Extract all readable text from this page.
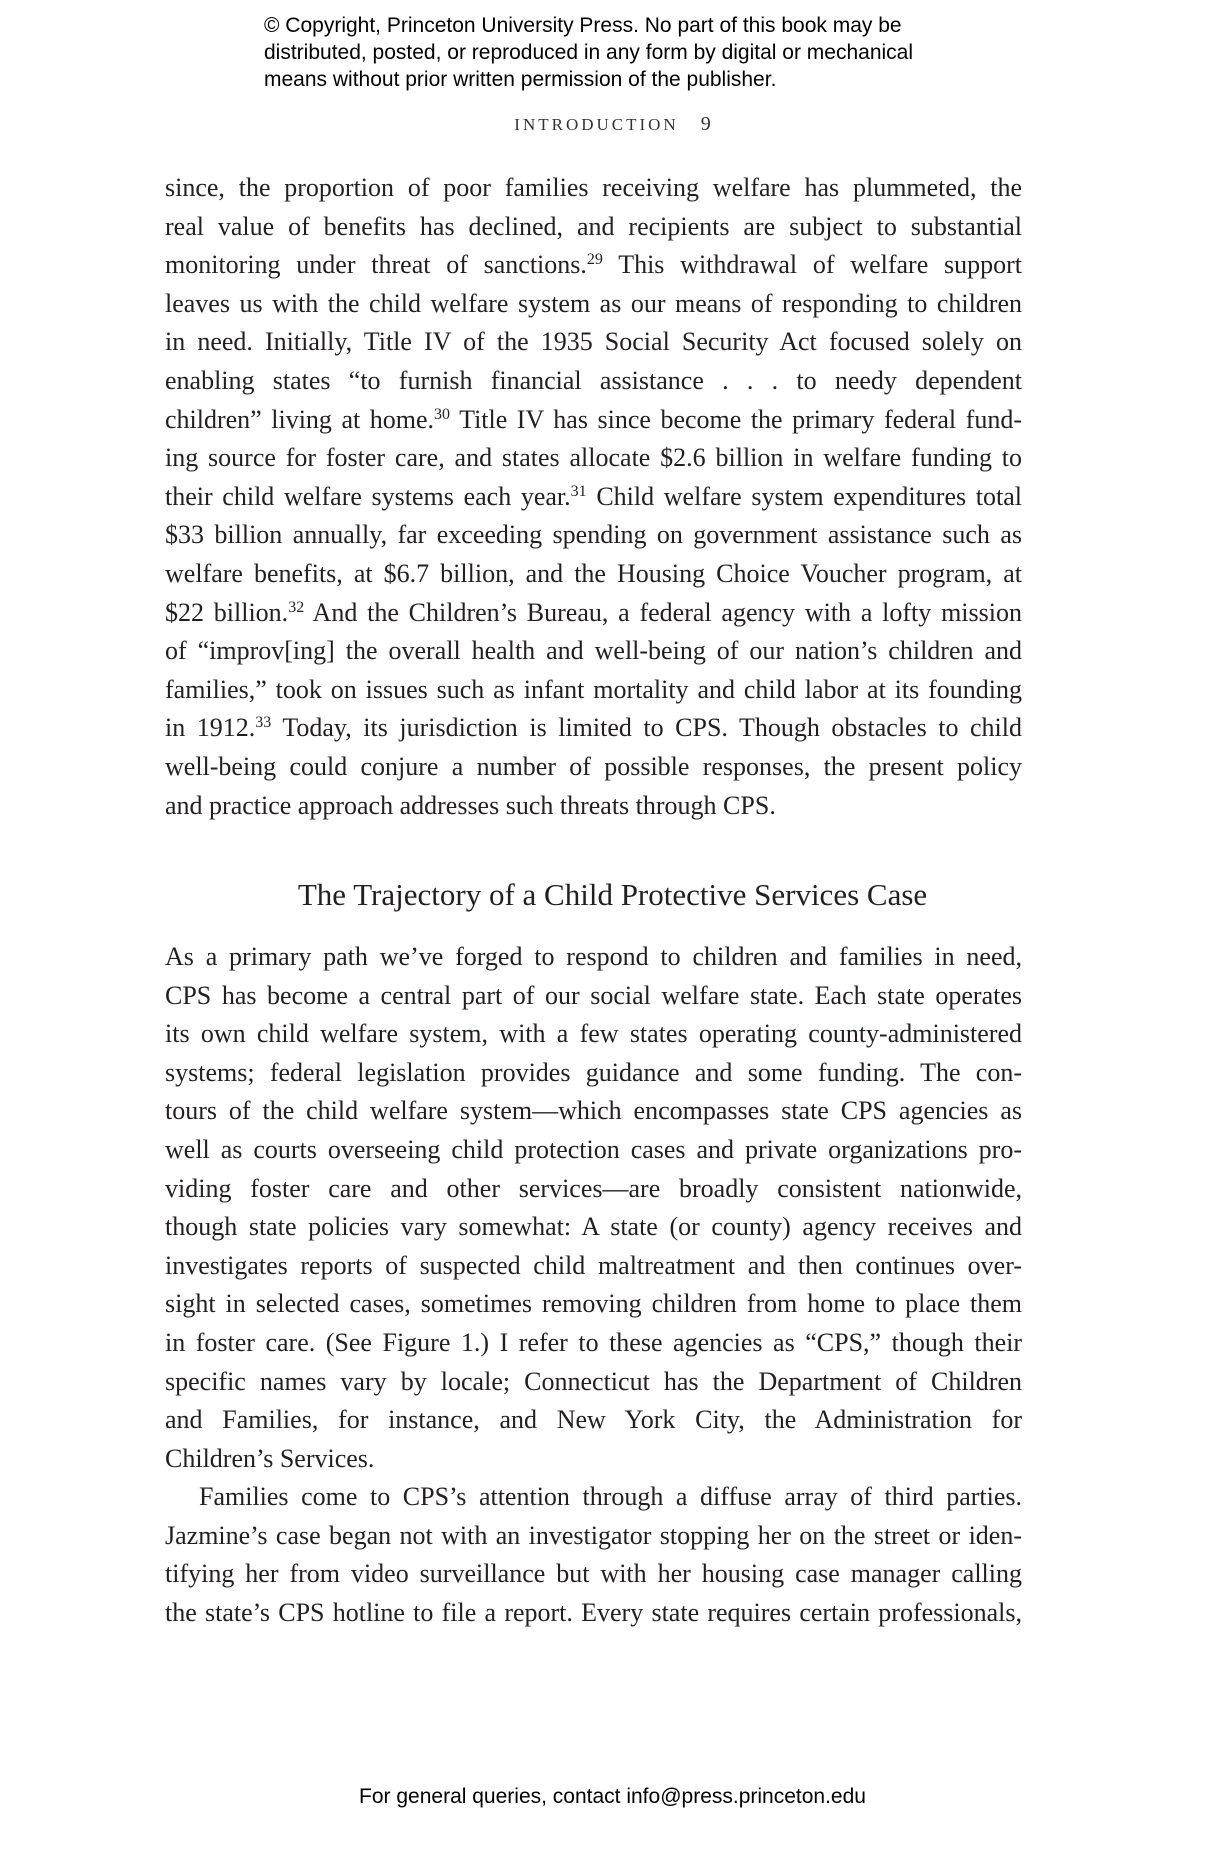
© Copyright, Princeton University Press. No part of this book may be
distributed, posted, or reproduced in any form by digital or mechanical
means without prior written permission of the publisher.
INTRODUCTION 9
since, the proportion of poor families receiving welfare has plummeted, the
real value of benefits has declined, and recipients are subject to substantial
monitoring under threat of sanctions.$^{29}$ This withdrawal of welfare support
leaves us with the child welfare system as our means of responding to children
in need. Initially, Title IV of the 1935 Social Security Act focused solely on
enabling states “to furnish financial assistance . . . to needy dependent
children” living at home.$^{30}$ Title IV has since become the primary federal fund-
ing source for foster care, and states allocate $2.6 billion in welfare funding to
their child welfare systems each year.$^{31}$ Child welfare system expenditures total
$33 billion annually, far exceeding spending on government assistance such as
welfare benefits, at $6.7 billion, and the Housing Choice Voucher program, at
$22 billion.$^{32}$ And the Children’s Bureau, a federal agency with a lofty mission
of “improv[ing] the overall health and well-being of our nation’s children and
families,” took on issues such as infant mortality and child labor at its founding
in 1912.33 Today, its jurisdiction is limited to CPS. Though obstacles to child
well-being could conjure a number of possible responses, the present policy
and practice approach addresses such threats through CPS.
The Trajectory of a Child Protective Services Case
As a primary path we’ve forged to respond to children and families in need,
CPS has become a central part of our social welfare state. Each state operates
its own child welfare system, with a few states operating county-administered
systems; federal legislation provides guidance and some funding. The con-
tours of the child welfare system—which encompasses state CPS agencies as
well as courts overseeing child protection cases and private organizations pro-
viding foster care and other services—are broadly consistent nationwide,
though state policies vary somewhat: A state (or county) agency receives and
investigates reports of suspected child maltreatment and then continues over-
sight in selected cases, sometimes removing children from home to place them
in foster care. (See Figure 1.) I refer to these agencies as “CPS,” though their
specific names vary by locale; Connecticut has the Department of Children
and Families, for instance, and New York City, the Administration for
Children’s Services.
Families come to CPS’s attention through a diffuse array of third parties.
Jazmine’s case began not with an investigator stopping her on the street or iden-
tifying her from video surveillance but with her housing case manager calling
the state’s CPS hotline to file a report. Every state requires certain professionals,
For general queries, contact info@press.princeton.edu
